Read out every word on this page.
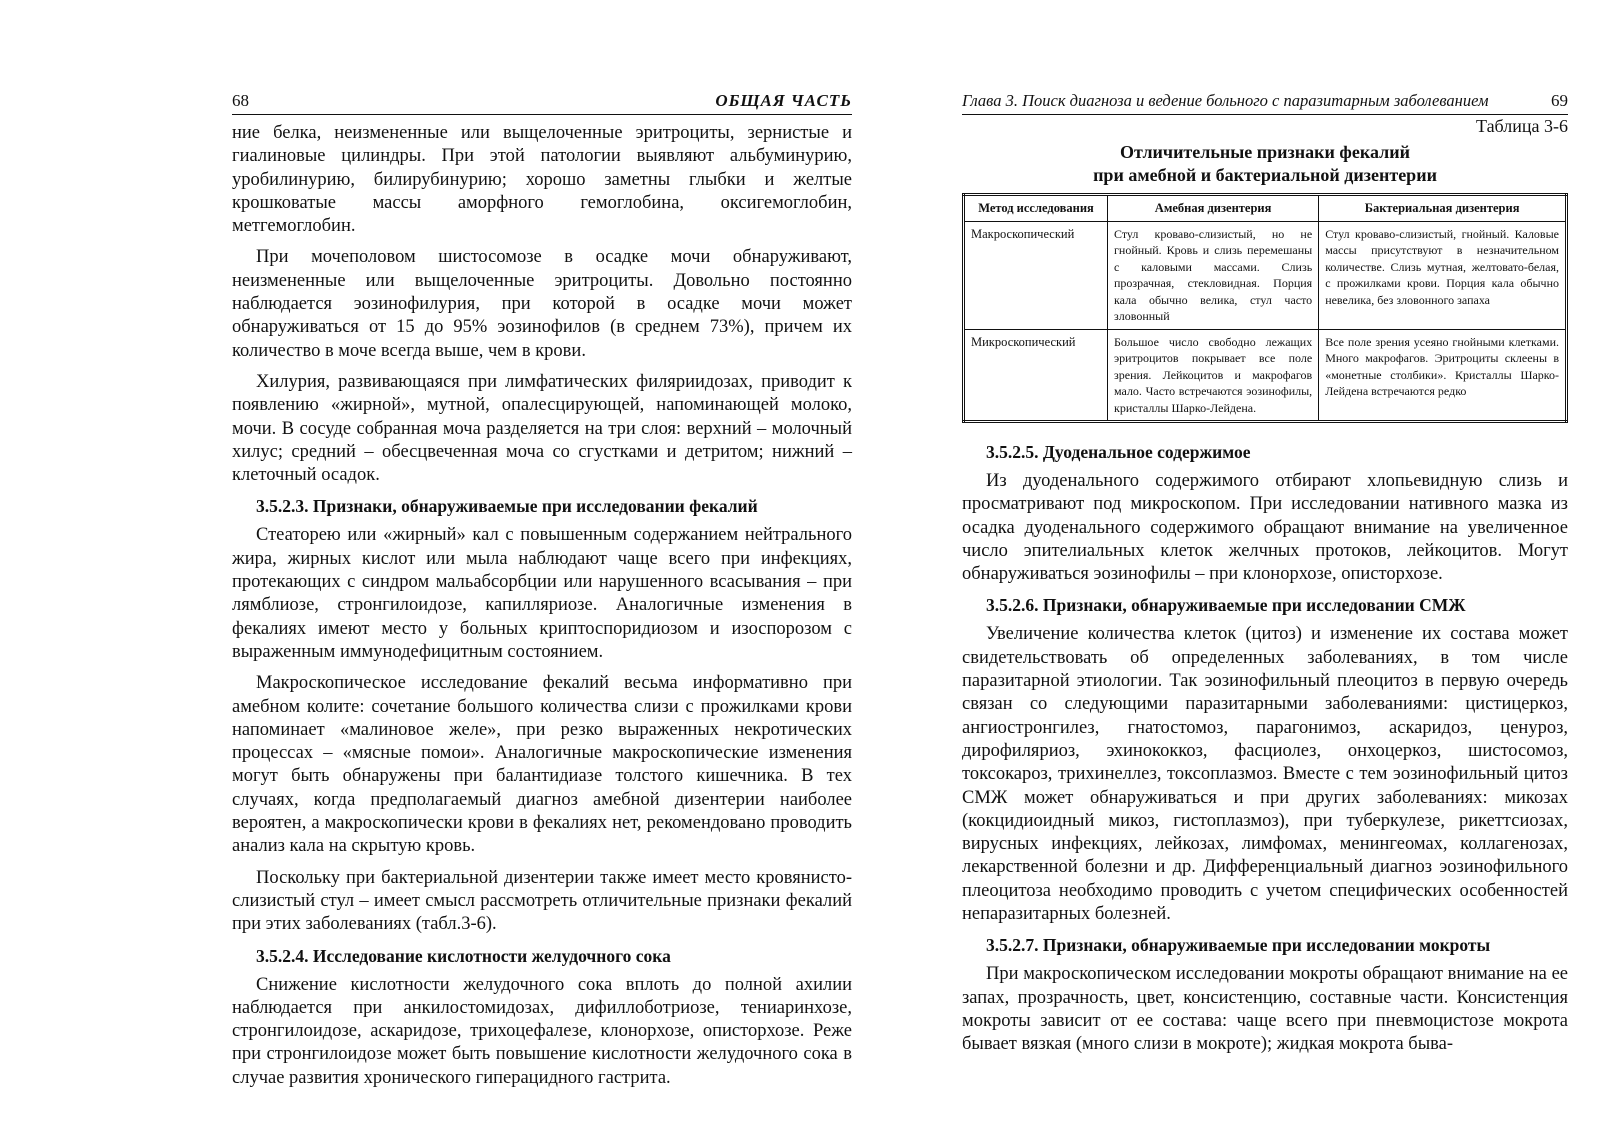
68	ОБЩАЯ ЧАСТЬ

ние белка, неизмененные или выщелоченные эритроциты, зернистые и гиалиновые цилиндры. При этой патологии выявляют альбуминурию, уробилинурию, билирубинурию; хорошо заметны глыбки и желтые крошковатые массы аморфного гемоглобина, оксигемоглобин, метгемоглобин.

При мочеполовом шистосомозе в осадке мочи обнаруживают, неизмененные или выщелоченные эритроциты. Довольно постоянно наблюдается эозинофилурия, при которой в осадке мочи может обнаруживаться от 15 до 95% эозинофилов (в среднем 73%), причем их количество в моче всегда выше, чем в крови.

Хилурия, развивающаяся при лимфатических филяриидозах, приводит к появлению «жирной», мутной, опалесцирующей, напоминающей молоко, мочи. В сосуде собранная моча разделяется на три слоя: верхний – молочный хилус; средний – обесцвеченная моча со сгустками и детритом; нижний – клеточный осадок.

3.5.2.3. Признаки, обнаруживаемые при исследовании фекалий

Стеаторею или «жирный» кал с повышенным содержанием нейтрального жира, жирных кислот или мыла наблюдают чаще всего при инфекциях, протекающих с синдром мальабсорбции или нарушенного всасывания – при лямблиозе, стронгилоидозе, капилляриозе. Аналогичные изменения в фекалиях имеют место у больных криптоспоридиозом и изоспорозом с выраженным иммунодефицитным состоянием.

Макроскопическое исследование фекалий весьма информативно при амебном колите: сочетание большого количества слизи с прожилками крови напоминает «малиновое желе», при резко выраженных некротических процессах – «мясные помои». Аналогичные макроскопические изменения могут быть обнаружены при балантидиазе толстого кишечника. В тех случаях, когда предполагаемый диагноз амебной дизентерии наиболее вероятен, а макроскопически крови в фекалиях нет, рекомендовано проводить анализ кала на скрытую кровь.

Поскольку при бактериальной дизентерии также имеет место кровянисто-слизистый стул – имеет смысл рассмотреть отличительные признаки фекалий при этих заболеваниях (табл.3-6).

3.5.2.4. Исследование кислотности желудочного сока

Снижение кислотности желудочного сока вплоть до полной ахилии наблюдается при анкилостомидозах, дифиллоботриозе, тениаринхозе, стронгилоидозе, аскаридозе, трихоцефалезе, клонорхозе, описторхозе. Реже при стронгилоидозе может быть повышение кислотности желудочного сока в случае развития хронического гиперацидного гастрита.

Глава 3. Поиск диагноза и ведение больного с паразитарным заболеванием	69
Таблица 3-6
Отличительные признаки фекалий
при амебной и бактериальной дизентерии
Метод исследования	Амебная дизентерия	Бактериальная дизентерия
Макроскопический	Стул кроваво-слизистый, но не гнойный. Кровь и слизь перемешаны с каловыми массами. Слизь прозрачная, стекловидная. Порция кала обычно велика, стул часто зловонный	Стул кроваво-слизистый, гнойный. Каловые массы присутствуют в незначительном количестве. Слизь мутная, желтовато-белая, с прожилками крови. Порция кала обычно невелика, без зловонного запаха
Микроскопический	Большое число свободно лежащих эритроцитов покрывает все поле зрения. Лейкоцитов и макрофагов мало. Часто встречаются эозинофилы, кристаллы Шарко-Лейдена.	Все поле зрения усеяно гнойными клетками. Много макрофагов. Эритроциты склеены в «монетные столбики». Кристаллы Шарко-Лейдена встречаются редко
3.5.2.5. Дуоденальное содержимое

Из дуоденального содержимого отбирают хлопьевидную слизь и просматривают под микроскопом. При исследовании нативного мазка из осадка дуоденального содержимого обращают внимание на увеличенное число эпителиальных клеток желчных протоков, лейкоцитов. Могут обнаруживаться эозинофилы – при клонорхозе, описторхозе.

3.5.2.6. Признаки, обнаруживаемые при исследовании СМЖ

Увеличение количества клеток (цитоз) и изменение их состава может свидетельствовать об определенных заболеваниях, в том числе паразитарной этиологии. Так эозинофильный плеоцитоз в первую очередь связан со следующими паразитарными заболеваниями: цистицеркоз, ангиостронгилез, гнатостомоз, парагонимоз, аскаридоз, ценуроз, дирофиляриоз, эхинококкоз, фасциолез, онхоцеркоз, шистосомоз, токсокароз, трихинеллез, токсоплазмоз. Вместе с тем эозинофильный цитоз СМЖ может обнаруживаться и при других заболеваниях: микозах (кокцидиоидный микоз, гистоплазмоз), при туберкулезе, рикеттсиозах, вирусных инфекциях, лейкозах, лимфомах, менингеомах, коллагенозах, лекарственной болезни и др. Дифференциальный диагноз эозинофильного плеоцитоза необходимо проводить с учетом специфических особенностей непаразитарных болезней.

3.5.2.7. Признаки, обнаруживаемые при исследовании мокроты

При макроскопическом исследовании мокроты обращают внимание на ее запах, прозрачность, цвет, консистенцию, составные части. Консистенция мокроты зависит от ее состава: чаще всего при пневмоцистозе мокрота бывает вязкая (много слизи в мокроте); жидкая мокрота быва-
